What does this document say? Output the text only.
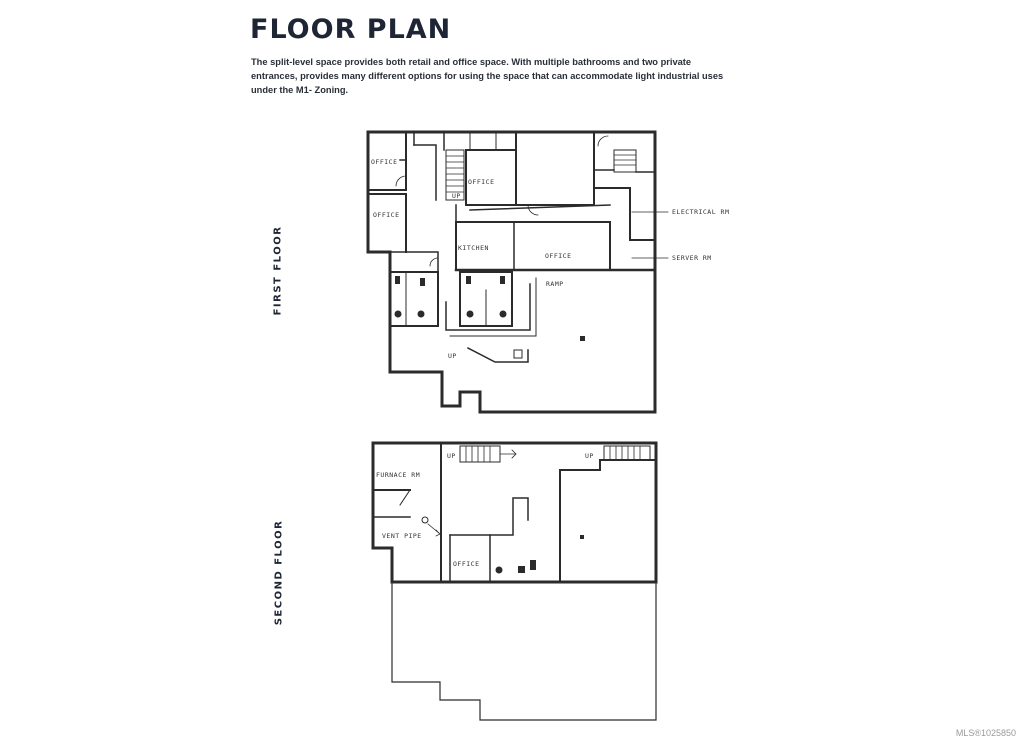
FLOOR PLAN

The split-level space provides both retail and office space. With multiple bathrooms and two private entrances, provides many different options for using the space that can accommodate light industrial uses under the M1- Zoning.

FIRST FLOOR
SECOND FLOOR
OFFICE
OFFICE
OFFICE
OFFICE
KITCHEN
RAMP
ELECTRICAL RM
SERVER RM
UP
UP
FURNACE RM
VENT PIPE
OFFICE
UP	UP
MLS®1025850
